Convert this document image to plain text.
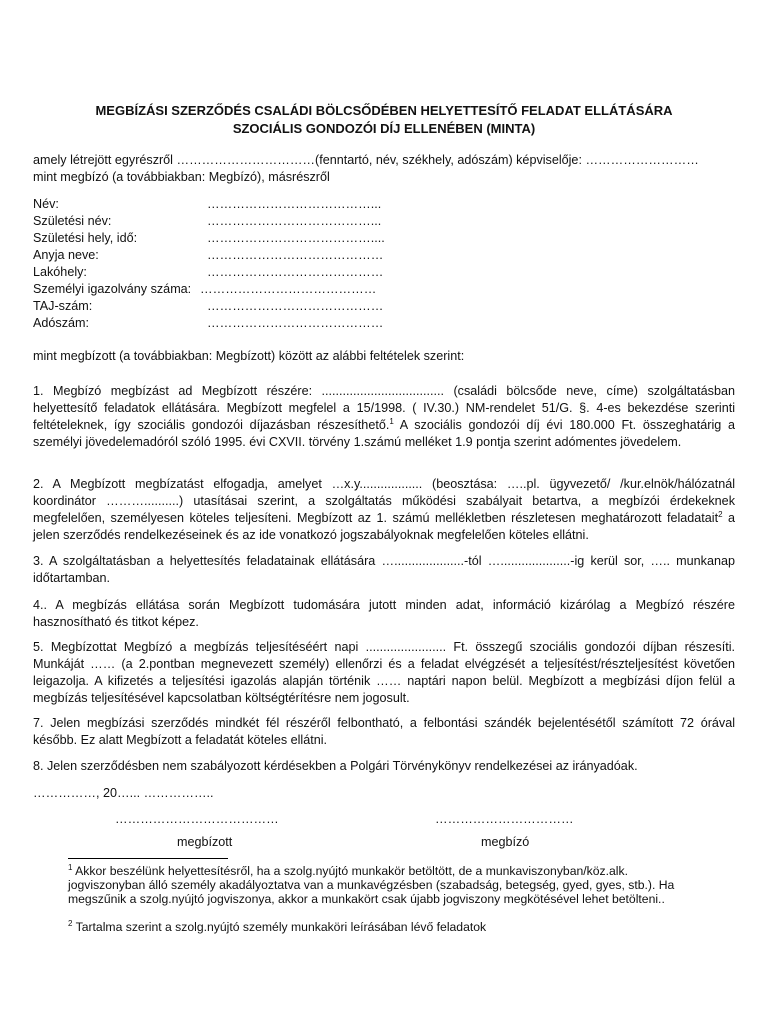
MEGBÍZÁSI SZERZŐDÉS CSALÁDI BÖLCSŐDÉBEN HELYETTESÍTŐ FELADAT ELLÁTÁSÁRA
SZOCIÁLIS GONDOZÓI DÍJ ELLENÉBEN (MINTA)
amely létrejött egyrészről ……………………………(fenntartó, név, székhely, adószám) képviselője: ………………………
mint megbízó (a továbbiakban: Megbízó), másrészről
Név:	…………………………………...
Születési név:	…………………………………...
Születési hely, idő:	…………………………………....
Anyja neve:	……………………………………
Lakóhely:	……………………………………
Személyi igazolvány száma: ……………………………………
TAJ-szám:	……………………………………
Adószám:	……………………………………
mint megbízott (a továbbiakban: Megbízott) között az alábbi feltételek szerint:
1. Megbízó megbízást ad Megbízott részére: ................................... (családi bölcsőde neve, címe) szolgáltatásban helyettesítő feladatok ellátására. Megbízott megfelel a 15/1998. ( IV.30.) NM-rendelet 51/G. §. 4-es bekezdése szerinti feltételeknek, így szociális gondozói díjazásban részesíthető.$^1$ A szociális gondozói díj évi 180.000 Ft. összeghatárig a személyi jövedelemadóról szóló 1995. évi CXVII. törvény 1.számú melléket 1.9 pontja szerint adómentes jövedelem.
2. A Megbízott megbízatást elfogadja, amelyet …x.y.................. (beosztása: …..pl. ügyvezető/ /kur.elnök/hálózatnál koordinátor ………..........) utasításai szerint, a szolgáltatás működési szabályait betartva, a megbízói érdekeknek megfelelően, személyesen köteles teljesíteni. Megbízott az 1. számú mellékletben részletesen meghatározott feladatait$^2$ a jelen szerződés rendelkezéseinek és az ide vonatkozó jogszabályoknak megfelelően köteles ellátni.
3. A szolgáltatásban a helyettesítés feladatainak ellátására …....................-tól …....................-ig kerül sor, ….. munkanap időtartamban.
4.. A megbízás ellátása során Megbízott tudomására jutott minden adat, információ kizárólag a Megbízó részére hasznosítható és titkot képez.
5. Megbízottat Megbízó a megbízás teljesítéséért napi ....................... Ft. összegű szociális gondozói díjban részesíti. Munkáját …… (a 2.pontban megnevezett személy) ellenőrzi és a feladat elvégzését a teljesítést/részteljesítést követően leigazolja. A kifizetés a teljesítési igazolás alapján történik …… naptári napon belül. Megbízott a megbízási díjon felül a megbízás teljesítésével kapcsolatban költségtérítésre nem jogosult.
7. Jelen megbízási szerződés mindkét fél részéről felbontható, a felbontási szándék bejelentésétől számított 72 órával később. Ez alatt Megbízott a feladatát köteles ellátni.
8. Jelen szerződésben nem szabályozott kérdésekben a Polgári Törvénykönyv rendelkezései az irányadóak.
……………, 20…... ……………..
…………………………………	……………………………
megbízott	megbízó
$^1$ Akkor beszélünk helyettesítésről, ha a szolg.nyújtó munkakör betöltött, de a munkaviszonyban/köz.alk. jogviszonyban álló személy akadályoztatva van a munkavégzésben (szabadság, betegség, gyed, gyes, stb.). Ha megszűnik a szolg.nyújtó jogviszonya, akkor a munkakört csak újabb jogviszony megkötésével lehet betölteni..
$^2$ Tartalma szerint a szolg.nyújtó személy munkaköri leírásában lévő feladatok
